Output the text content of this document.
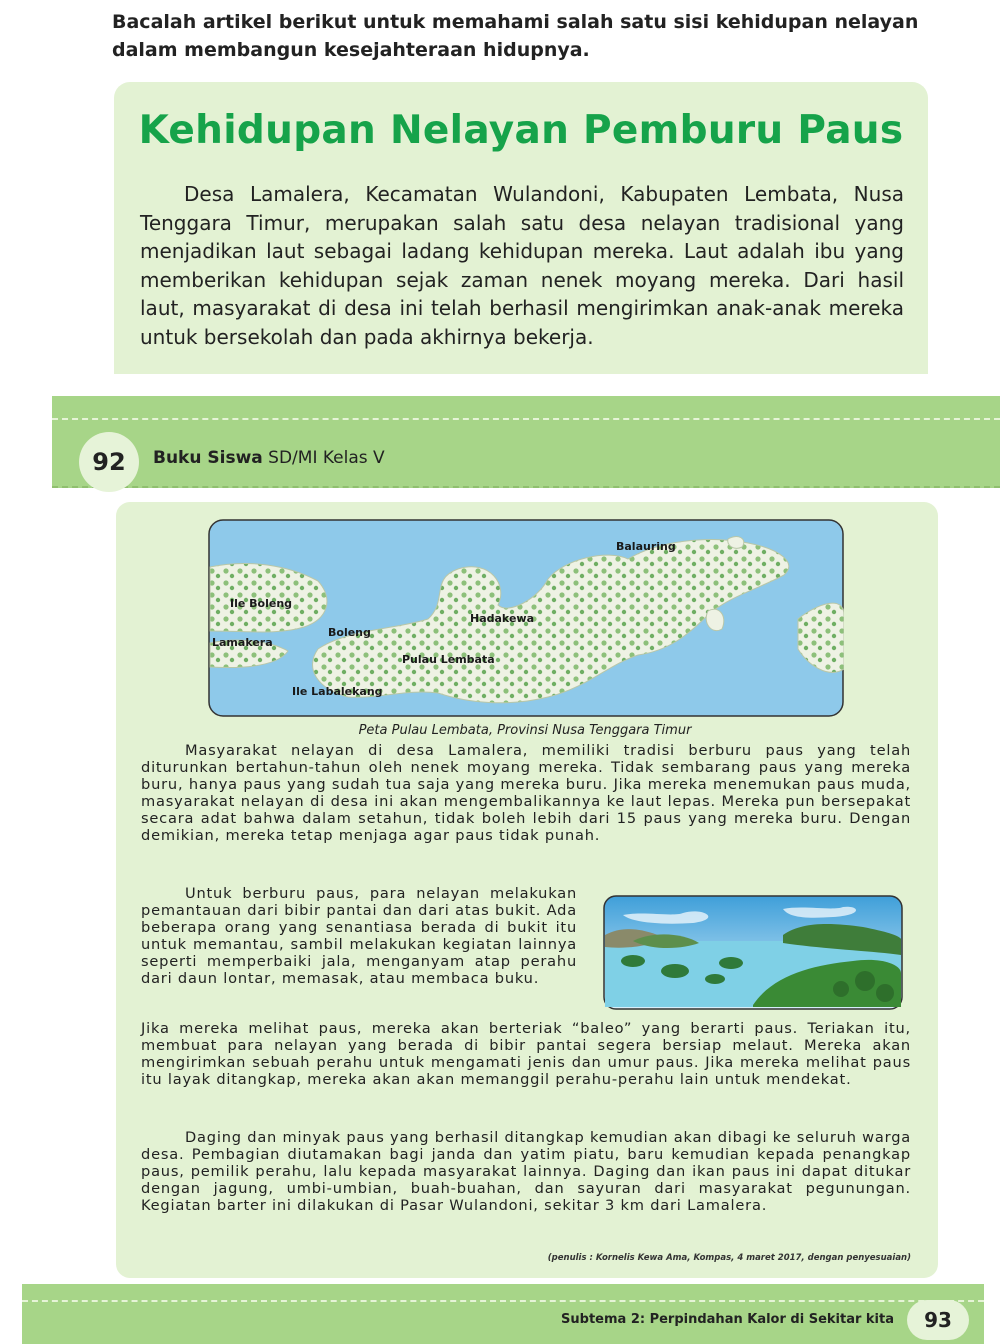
Bacalah artikel berikut untuk memahami salah satu sisi kehidupan nelayan dalam membangun kesejahteraan hidupnya.
Kehidupan Nelayan Pemburu Paus
Desa Lamalera, Kecamatan Wulandoni, Kabupaten Lembata, Nusa Tenggara Timur, merupakan salah satu desa nelayan tradisional yang menjadikan laut sebagai ladang kehidupan mereka. Laut adalah ibu yang memberikan kehidupan sejak zaman nenek moyang mereka. Dari hasil laut, masyarakat di desa ini telah berhasil mengirimkan anak-anak mereka untuk bersekolah dan pada akhirnya bekerja.
92	Buku Siswa SD/MI Kelas V
Balauring
Ile Boleng
Hadakewa
Boleng
Lamakera
Pulau Lembata
Ile Labalekang
Peta Pulau Lembata, Provinsi Nusa Tenggara Timur
Masyarakat nelayan di desa Lamalera, memiliki tradisi berburu paus yang telah diturunkan bertahun-tahun oleh nenek moyang mereka. Tidak sembarang paus yang mereka buru, hanya paus yang sudah tua saja yang mereka buru. Jika mereka menemukan paus muda, masyarakat nelayan di desa ini akan mengembalikannya ke laut lepas. Mereka pun bersepakat secara adat bahwa dalam setahun, tidak boleh lebih dari 15 paus yang mereka buru. Dengan demikian, mereka tetap menjaga agar paus tidak punah.
Untuk berburu paus, para nelayan melakukan pemantauan dari bibir pantai dan dari atas bukit. Ada beberapa orang yang senantiasa berada di bukit itu untuk memantau, sambil melakukan kegiatan lainnya seperti memperbaiki jala, menganyam atap perahu dari daun lontar, memasak, atau membaca buku.
Jika mereka melihat paus, mereka akan berteriak “baleo” yang berarti paus. Teriakan itu, membuat para nelayan yang berada di bibir pantai segera bersiap melaut. Mereka akan mengirimkan sebuah perahu untuk mengamati jenis dan umur paus. Jika mereka melihat paus itu layak ditangkap, mereka akan akan memanggil perahu-perahu lain untuk mendekat.
Daging dan minyak paus yang berhasil ditangkap kemudian akan dibagi ke seluruh warga desa. Pembagian diutamakan bagi janda dan yatim piatu, baru kemudian kepada penangkap paus, pemilik perahu, lalu kepada masyarakat lainnya. Daging dan ikan paus ini dapat ditukar dengan jagung, umbi-umbian, buah-buahan, dan sayuran dari masyarakat pegunungan. Kegiatan barter ini dilakukan di Pasar Wulandoni, sekitar 3 km dari Lamalera.
(penulis : Kornelis Kewa Ama, Kompas, 4 maret 2017, dengan penyesuaian)
Subtema 2: Perpindahan Kalor di Sekitar kita	93
